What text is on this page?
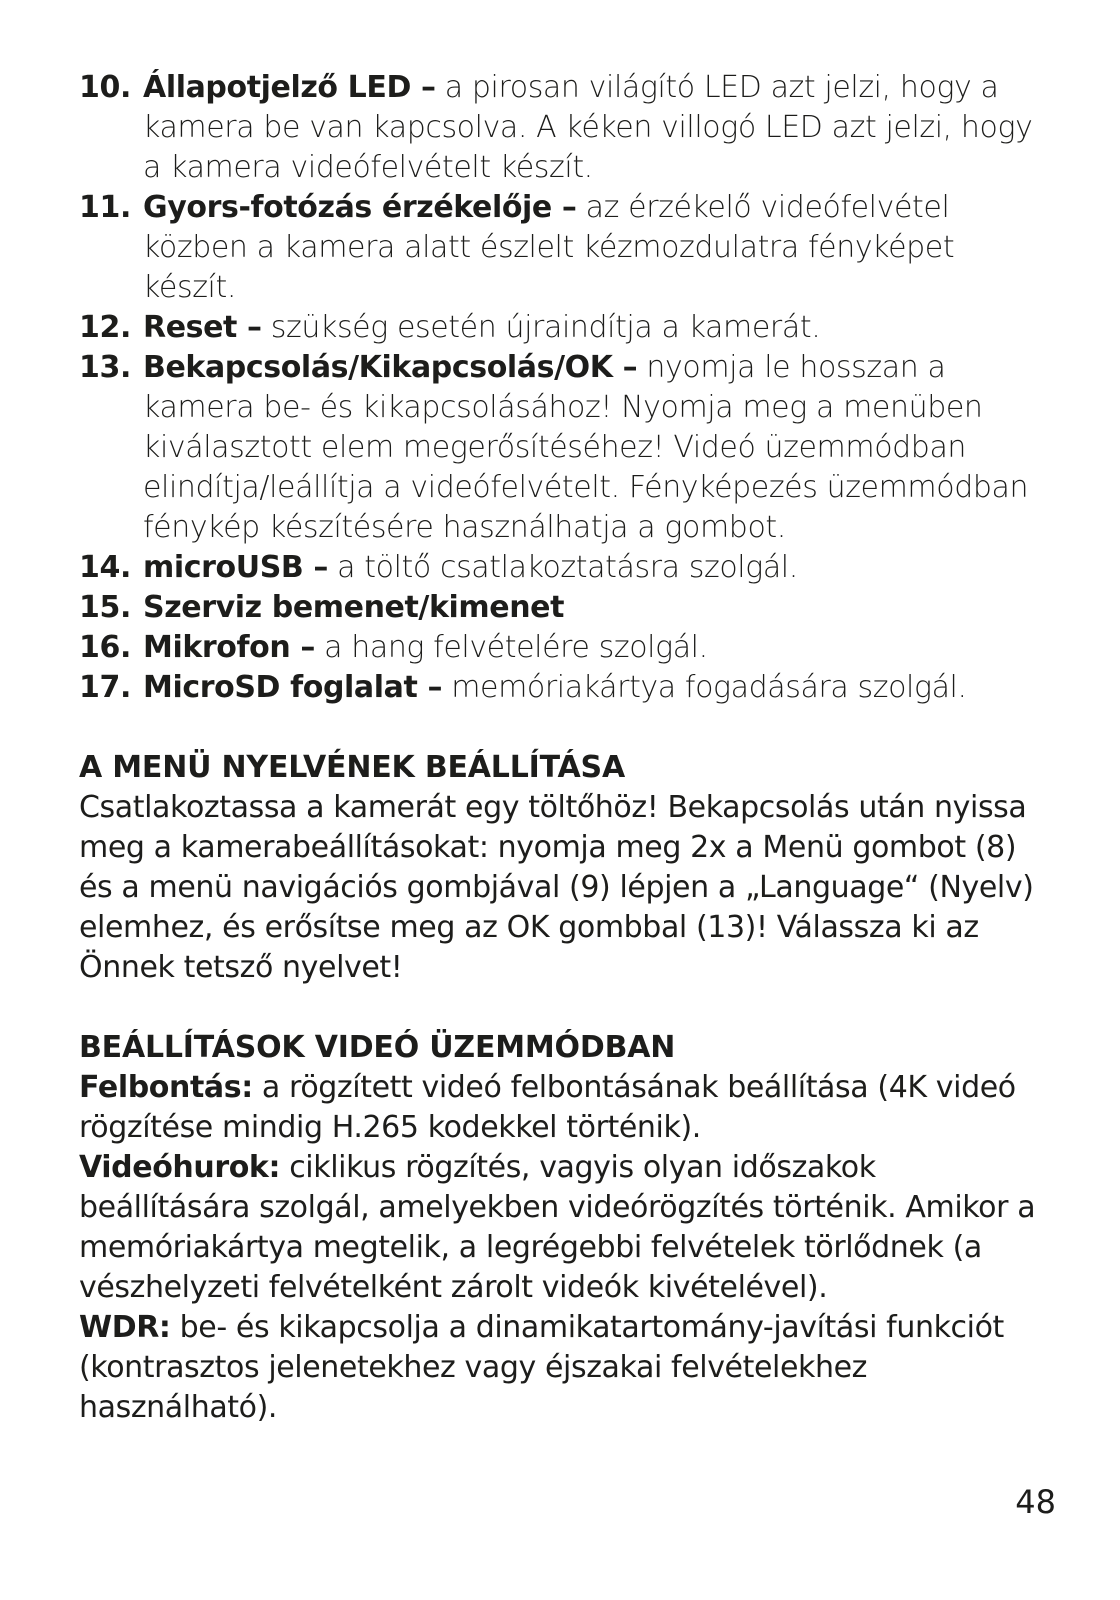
10. Állapotjelző LED – a pirosan világító LED azt jelzi, hogy a kamera be van kapcsolva. A kéken villogó LED azt jelzi, hogy a kamera videófelvételt készít.
11. Gyors-fotózás érzékelője – az érzékelő videófelvétel közben a kamera alatt észlelt kézmozdulatra fényképet készít.
12. Reset – szükség esetén újraindítja a kamerát.
13. Bekapcsolás/Kikapcsolás/OK – nyomja le hosszan a kamera be- és kikapcsolásához! Nyomja meg a menüben kiválasztott elem megerősítéséhez! Videó üzemmódban elindítja/leállítja a videófelvételt. Fényképezés üzemmódban fénykép készítésére használhatja a gombot.
14. microUSB – a töltő csatlakoztatásra szolgál.
15. Szerviz bemenet/kimenet
16. Mikrofon – a hang felvételére szolgál.
17. MicroSD foglalat – memóriakártya fogadására szolgál.
A MENÜ NYELVÉNEK BEÁLLÍTÁSA

Csatlakoztassa a kamerát egy töltőhöz! Bekapcsolás után nyissa meg a kamerabeállításokat: nyomja meg 2x a Menü gombot (8) és a menü navigációs gombjával (9) lépjen a „Language“ (Nyelv) elemhez, és erősítse meg az OK gombbal (13)! Válassza ki az Önnek tetsző nyelvet!

BEÁLLÍTÁSOK VIDEÓ ÜZEMMÓDBAN

Felbontás: a rögzített videó felbontásának beállítása (4K videó rögzítése mindig H.265 kodekkel történik).

Videóhurok: ciklikus rögzítés, vagyis olyan időszakok beállítására szolgál, amelyekben videórögzítés történik. Amikor a memóriakártya megtelik, a legrégebbi felvételek törlődnek (a vészhelyzeti felvételként zárolt videók kivételével).

WDR: be- és kikapcsolja a dinamikatartomány-javítási funkciót (kontrasztos jelenetekhez vagy éjszakai felvételekhez használható).

48
